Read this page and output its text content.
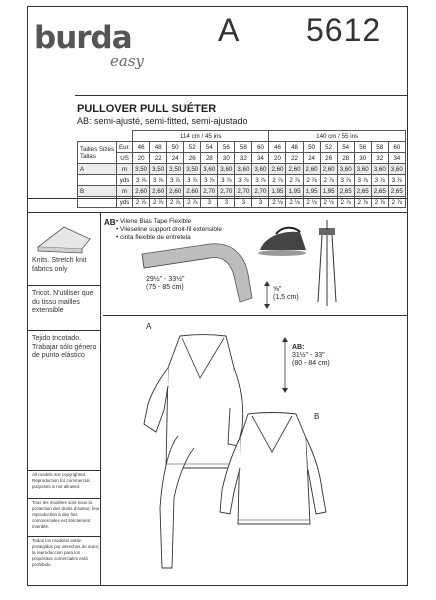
burda
easy
A 5612
PULLOVER PULL SUÉTER
AB: semi-ajusté, semi-fitted, semi-ajustado
		114 cm / 45 ins								140 cm / 55 ins							
Tailles Sizes
Tallas	Eur.	46	48	50	52	54	56	58	60	46	48	50	52	54	56	58	60
	US	20	22	24	26	28	30	32	34	20	22	24	26	28	30	32	34
A	m	3,50	3,50	3,50	3,50	3,60	3,60	3,60	3,60	2,60	2,60	2,60	2,60	3,60	3,60	3,60	3,60
	yds	3 ⅞	3 ⅞	3 ⅞	3 ⅞	3 ⅞	3 ⅞	3 ⅞	3 ⅞	2 ⅞	2 ⅞	2 ⅞	2 ⅞	3 ⅞	3 ⅞	3 ⅞	3 ⅞
B	m	2,60	2,60	2,60	2,60	2,70	2,70	2,70	2,70	1,95	1,95	1,95	1,95	2,65	2,65	2,65	2,65
	yds	2 ⅞	2 ⅞	2 ⅞	2 ⅞	3	3	3	3	2 ⅛	2 ⅛	2 ⅛	2 ⅛	2 ⅞	2 ⅞	2 ⅞	2 ⅞
Knits. Stretch knit fabrics only
Tricot. N'utiliser que du tissu mailles extensible
Tejido tricotado. Trabajar sólo género de punto elástico
All models are copyrighted. Reproduction for commercial purposes is not allowed.
Tous les modèles sont sous la protection des droits d'auteur, leur reproduction à des fins commerciales est strictement interdite.
Todos los modelos están protegidos por derechos de autor, la reproducción para los propósitos comerciales está prohibido.
AB • Vilene Bias Tape Flexible
• Vlieseline support droit-fil extensible
• cinta flexible de entretela
29½" - 33½"
(75 - 85 cm)	⅝"
(1,5 cm)
A
B
AB:
31½" - 33"
(80 - 84 cm)
